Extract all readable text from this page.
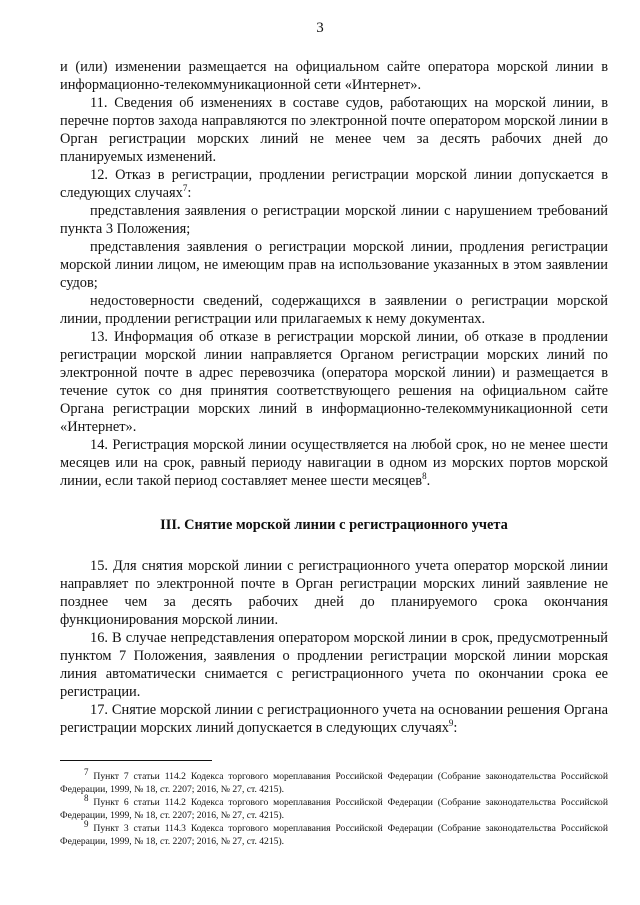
3

и (или) изменении размещается на официальном сайте оператора морской линии в информационно-телекоммуникационной сети «Интернет».

11. Сведения об изменениях в составе судов, работающих на морской линии, в перечне портов захода направляются по электронной почте оператором морской линии в Орган регистрации морских линий не менее чем за десять рабочих дней до планируемых изменений.

12. Отказ в регистрации, продлении регистрации морской линии допускается в следующих случаях$^7$:

представления заявления о регистрации морской линии с нарушением требований пункта 3 Положения;

представления заявления о регистрации морской линии, продления регистрации морской линии лицом, не имеющим прав на использование указанных в этом заявлении судов;

недостоверности сведений, содержащихся в заявлении о регистрации морской линии, продлении регистрации или прилагаемых к нему документах.

13. Информация об отказе в регистрации морской линии, об отказе в продлении регистрации морской линии направляется Органом регистрации морских линий по электронной почте в адрес перевозчика (оператора морской линии) и размещается в течение суток со дня принятия соответствующего решения на официальном сайте Органа регистрации морских линий в информационно-телекоммуникационной сети «Интернет».

14. Регистрация морской линии осуществляется на любой срок, но не менее шести месяцев или на срок, равный периоду навигации в одном из морских портов морской линии, если такой период составляет менее шести месяцев$^8$.

III. Снятие морской линии с регистрационного учета

15. Для снятия морской линии с регистрационного учета оператор морской линии направляет по электронной почте в Орган регистрации морских линий заявление не позднее чем за десять рабочих дней до планируемого срока окончания функционирования морской линии.

16. В случае непредставления оператором морской линии в срок, предусмотренный пунктом 7 Положения, заявления о продлении регистрации морской линии морская линия автоматически снимается с регистрационного учета по окончании срока ее регистрации.

17. Снятие морской линии с регистрационного учета на основании решения Органа регистрации морских линий допускается в следующих случаях$^9$:

$^7$ Пункт 7 статьи 114.2 Кодекса торгового мореплавания Российской Федерации (Собрание законодательства Российской Федерации, 1999, № 18, ст. 2207; 2016, № 27, ст. 4215).

$^8$ Пункт 6 статьи 114.2 Кодекса торгового мореплавания Российской Федерации (Собрание законодательства Российской Федерации, 1999, № 18, ст. 2207; 2016, № 27, ст. 4215).

$^9$ Пункт 3 статьи 114.3 Кодекса торгового мореплавания Российской Федерации (Собрание законодательства Российской Федерации, 1999, № 18, ст. 2207; 2016, № 27, ст. 4215).
